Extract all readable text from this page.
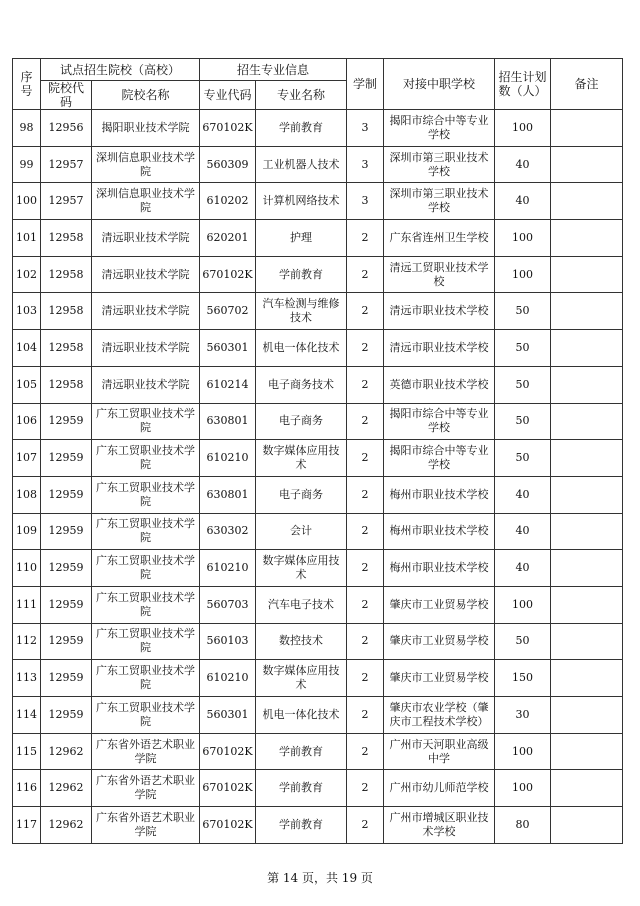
序号	试点招生院校（高校）		招生专业信息		学制	对接中职学校	招生计划数（人）	备注
	院校代码	院校名称	专业代码	专业名称				
98	12956	揭阳职业技术学院	670102K	学前教育	3	揭阳市综合中等专业学校	100	
99	12957	深圳信息职业技术学院	560309	工业机器人技术	3	深圳市第三职业技术学校	40	
100	12957	深圳信息职业技术学院	610202	计算机网络技术	3	深圳市第三职业技术学校	40	
101	12958	清远职业技术学院	620201	护理	2	广东省连州卫生学校	100	
102	12958	清远职业技术学院	670102K	学前教育	2	清远工贸职业技术学校	100	
103	12958	清远职业技术学院	560702	汽车检测与维修技术	2	清远市职业技术学校	50	
104	12958	清远职业技术学院	560301	机电一体化技术	2	清远市职业技术学校	50	
105	12958	清远职业技术学院	610214	电子商务技术	2	英德市职业技术学校	50	
106	12959	广东工贸职业技术学院	630801	电子商务	2	揭阳市综合中等专业学校	50	
107	12959	广东工贸职业技术学院	610210	数字媒体应用技术	2	揭阳市综合中等专业学校	50	
108	12959	广东工贸职业技术学院	630801	电子商务	2	梅州市职业技术学校	40	
109	12959	广东工贸职业技术学院	630302	会计	2	梅州市职业技术学校	40	
110	12959	广东工贸职业技术学院	610210	数字媒体应用技术	2	梅州市职业技术学校	40	
111	12959	广东工贸职业技术学院	560703	汽车电子技术	2	肇庆市工业贸易学校	100	
112	12959	广东工贸职业技术学院	560103	数控技术	2	肇庆市工业贸易学校	50	
113	12959	广东工贸职业技术学院	610210	数字媒体应用技术	2	肇庆市工业贸易学校	150	
114	12959	广东工贸职业技术学院	560301	机电一体化技术	2	肇庆市农业学校（肇庆市工程技术学校）	30	
115	12962	广东省外语艺术职业学院	670102K	学前教育	2	广州市天河职业高级中学	100	
116	12962	广东省外语艺术职业学院	670102K	学前教育	2	广州市幼儿师范学校	100	
117	12962	广东省外语艺术职业学院	670102K	学前教育	2	广州市增城区职业技术学校	80	
第 14 页，共 19 页
